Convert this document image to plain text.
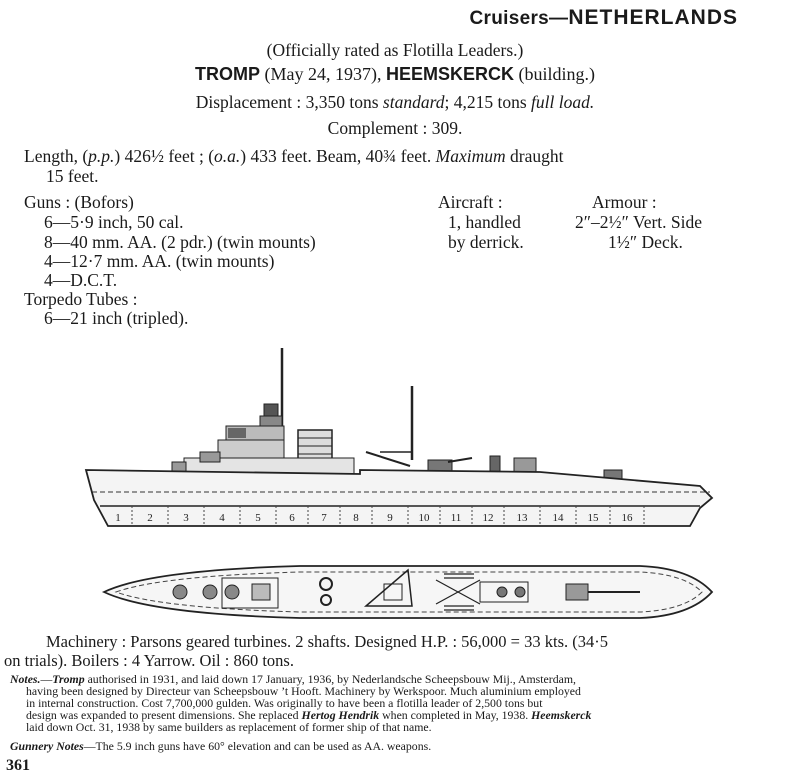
Cruisers—NETHERLANDS
(Officially rated as Flotilla Leaders.)
TROMP (May 24, 1937), HEEMSKERCK (building.)
Displacement : 3,350 tons standard; 4,215 tons full load.
Complement : 309.
Length, (p.p.) 426½ feet ; (o.a.) 433 feet. Beam, 40¾ feet. Maximum draught
15 feet.
Guns : (Bofors)
6—5·9 inch, 50 cal.
8—40 mm. AA. (2 pdr.) (twin mounts)
4—12·7 mm. AA. (twin mounts)
4—D.C.T.
Torpedo Tubes :
6—21 inch (tripled).
Aircraft :
1, handled
by derrick.
Armour :
2″–2½″ Vert. Side
1½″ Deck.
1 2	3	4	5	6 7 8	9 10 11 12 13 14 15 16
Machinery : Parsons geared turbines. 2 shafts. Designed H.P. : 56,000 = 33 kts. (34·5
on trials). Boilers : 4 Yarrow. Oil : 860 tons.
Notes.—Tromp authorised in 1931, and laid down 17 January, 1936, by Nederlandsche Scheepsbouw Mij., Amsterdam,
having been designed by Directeur van Scheepsbouw ’t Hooft. Machinery by Werkspoor. Much aluminium employed
in internal construction. Cost 7,700,000 gulden. Was originally to have been a flotilla leader of 2,500 tons but
design was expanded to present dimensions. She replaced Hertog Hendrik when completed in May, 1938. Heemskerck
laid down Oct. 31, 1938 by same builders as replacement of former ship of that name.
Gunnery Notes—The 5.9 inch guns have 60° elevation and can be used as AA. weapons.
361
